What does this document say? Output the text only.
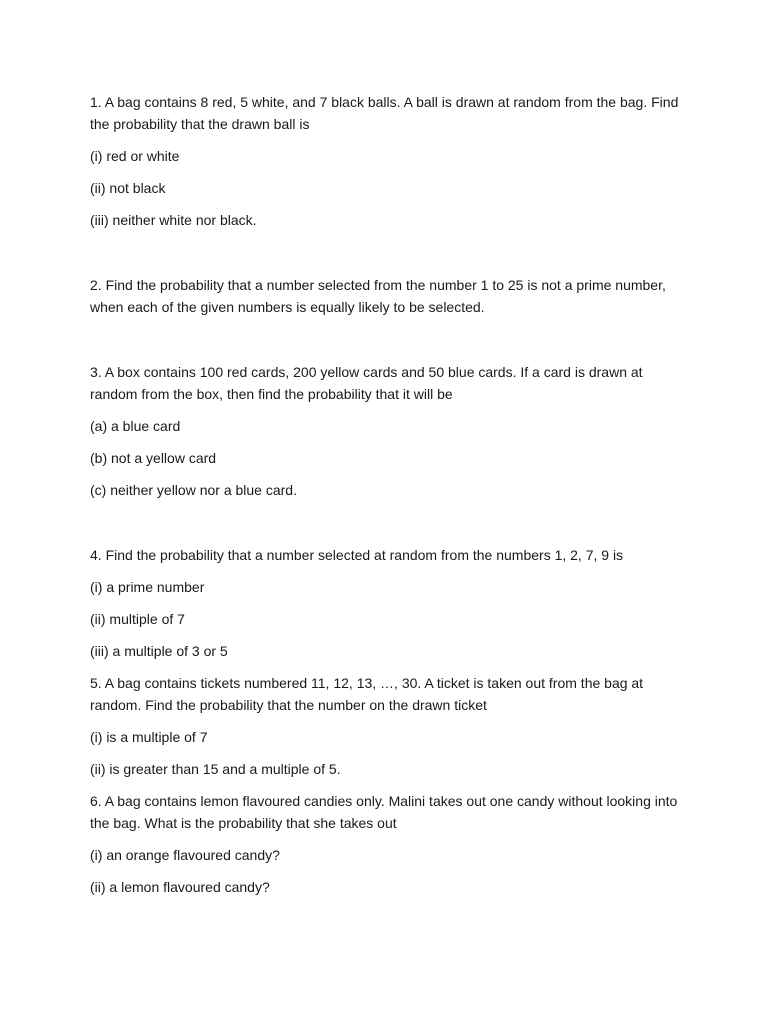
1. A bag contains 8 red, 5 white, and 7 black balls. A ball is drawn at random from the bag. Find the probability that the drawn ball is

(i) red or white

(ii) not black

(iii) neither white nor black.

2. Find the probability that a number selected from the number 1 to 25 is not a prime number, when each of the given numbers is equally likely to be selected.

3. A box contains 100 red cards, 200 yellow cards and 50 blue cards. If a card is drawn at random from the box, then find the probability that it will be

(a) a blue card

(b) not a yellow card

(c) neither yellow nor a blue card.

4. Find the probability that a number selected at random from the numbers 1, 2, 7, 9 is

(i) a prime number

(ii) multiple of 7

(iii) a multiple of 3 or 5

5. A bag contains tickets numbered 11, 12, 13, …, 30. A ticket is taken out from the bag at random. Find the probability that the number on the drawn ticket

(i) is a multiple of 7

(ii) is greater than 15 and a multiple of 5.

6. A bag contains lemon flavoured candies only. Malini takes out one candy without looking into the bag. What is the probability that she takes out

(i) an orange flavoured candy?

(ii) a lemon flavoured candy?
